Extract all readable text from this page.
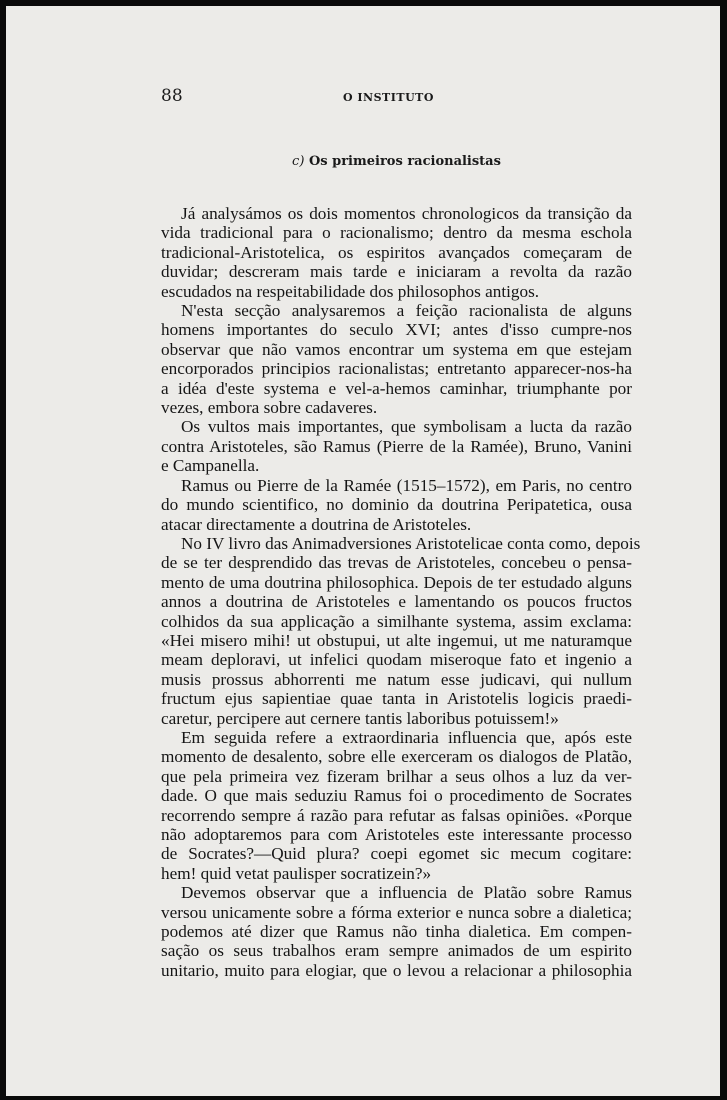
88	O INSTITUTO
c) Os primeiros racionalistas
Já analysámos os dois momentos chronologicos da transição da
vida tradicional para o racionalismo; dentro da mesma eschola
tradicional-Aristotelica, os espiritos avançados começaram de
duvidar; descreram mais tarde e iniciaram a revolta da razão
escudados na respeitabilidade dos philosophos antigos.
N'esta secção analysaremos a feição racionalista de alguns
homens importantes do seculo XVI; antes d'isso cumpre-nos
observar que não vamos encontrar um systema em que estejam
encorporados principios racionalistas; entretanto apparecer-nos-ha
a idéa d'este systema e vel-a-hemos caminhar, triumphante por
vezes, embora sobre cadaveres.
Os vultos mais importantes, que symbolisam a lucta da razão
contra Aristoteles, são Ramus (Pierre de la Ramée), Bruno, Vanini
e Campanella.
Ramus ou Pierre de la Ramée (1515–1572), em Paris, no centro
do mundo scientifico, no dominio da doutrina Peripatetica, ousa
atacar directamente a doutrina de Aristoteles.
No IV livro das Animadversiones Aristotelicae conta como, depois
de se ter desprendido das trevas de Aristoteles, concebeu o pensa-
mento de uma doutrina philosophica. Depois de ter estudado alguns
annos a doutrina de Aristoteles e lamentando os poucos fructos
colhidos da sua applicação a similhante systema, assim exclama:
«Hei misero mihi! ut obstupui, ut alte ingemui, ut me naturamque
meam deploravi, ut infelici quodam miseroque fato et ingenio a
musis prossus abhorrenti me natum esse judicavi, qui nullum
fructum ejus sapientiae quae tanta in Aristotelis logicis praedi-
caretur, percipere aut cernere tantis laboribus potuissem!»
Em seguida refere a extraordinaria influencia que, após este
momento de desalento, sobre elle exerceram os dialogos de Platão,
que pela primeira vez fizeram brilhar a seus olhos a luz da ver-
dade. O que mais seduziu Ramus foi o procedimento de Socrates
recorrendo sempre á razão para refutar as falsas opiniões. «Porque
não adoptaremos para com Aristoteles este interessante processo
de Socrates?—Quid plura? coepi egomet sic mecum cogitare:
hem! quid vetat paulisper socratizein?»
Devemos observar que a influencia de Platão sobre Ramus
versou unicamente sobre a fórma exterior e nunca sobre a dialetica;
podemos até dizer que Ramus não tinha dialetica. Em compen-
sação os seus trabalhos eram sempre animados de um espirito
unitario, muito para elogiar, que o levou a relacionar a philosophia
